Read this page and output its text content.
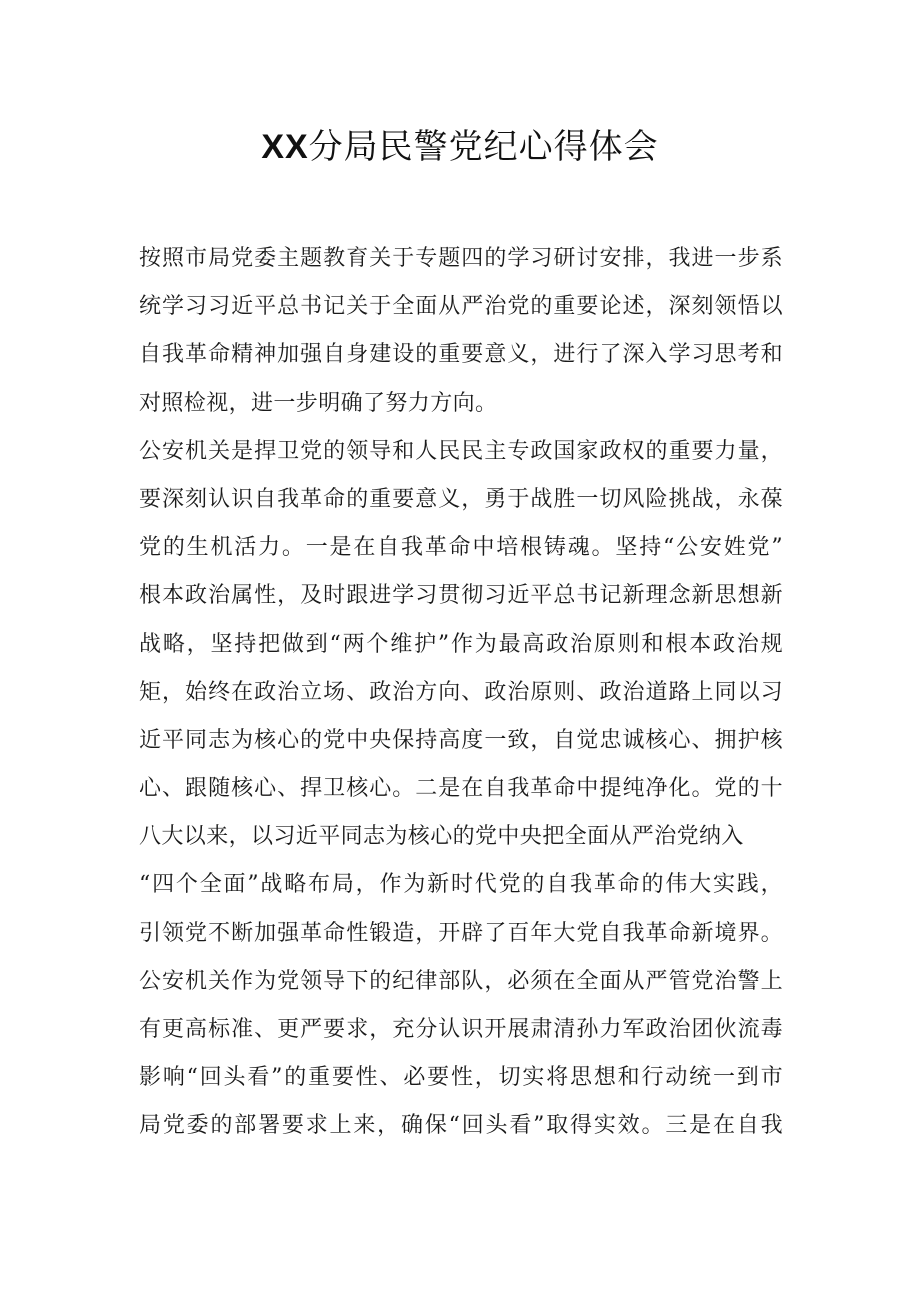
XX分局民警党纪心得体会
按照市局党委主题教育关于专题四的学习研讨安排，我进一步系
统学习习近平总书记关于全面从严治党的重要论述，深刻领悟以
自我革命精神加强自身建设的重要意义，进行了深入学习思考和
对照检视，进一步明确了努力方向。
公安机关是捍卫党的领导和人民民主专政国家政权的重要力量，
要深刻认识自我革命的重要意义，勇于战胜一切风险挑战，永葆
党的生机活力。一是在自我革命中培根铸魂。坚持“公安姓党”
根本政治属性，及时跟进学习贯彻习近平总书记新理念新思想新
战略，坚持把做到“两个维护”作为最高政治原则和根本政治规
矩，始终在政治立场、政治方向、政治原则、政治道路上同以习
近平同志为核心的党中央保持高度一致，自觉忠诚核心、拥护核
心、跟随核心、捍卫核心。二是在自我革命中提纯净化。党的十
八大以来，以习近平同志为核心的党中央把全面从严治党纳入
“四个全面”战略布局，作为新时代党的自我革命的伟大实践，
引领党不断加强革命性锻造，开辟了百年大党自我革命新境界。
公安机关作为党领导下的纪律部队，必须在全面从严管党治警上
有更高标准、更严要求，充分认识开展肃清孙力军政治团伙流毒
影响“回头看”的重要性、必要性，切实将思想和行动统一到市
局党委的部署要求上来，确保“回头看”取得实效。三是在自我
